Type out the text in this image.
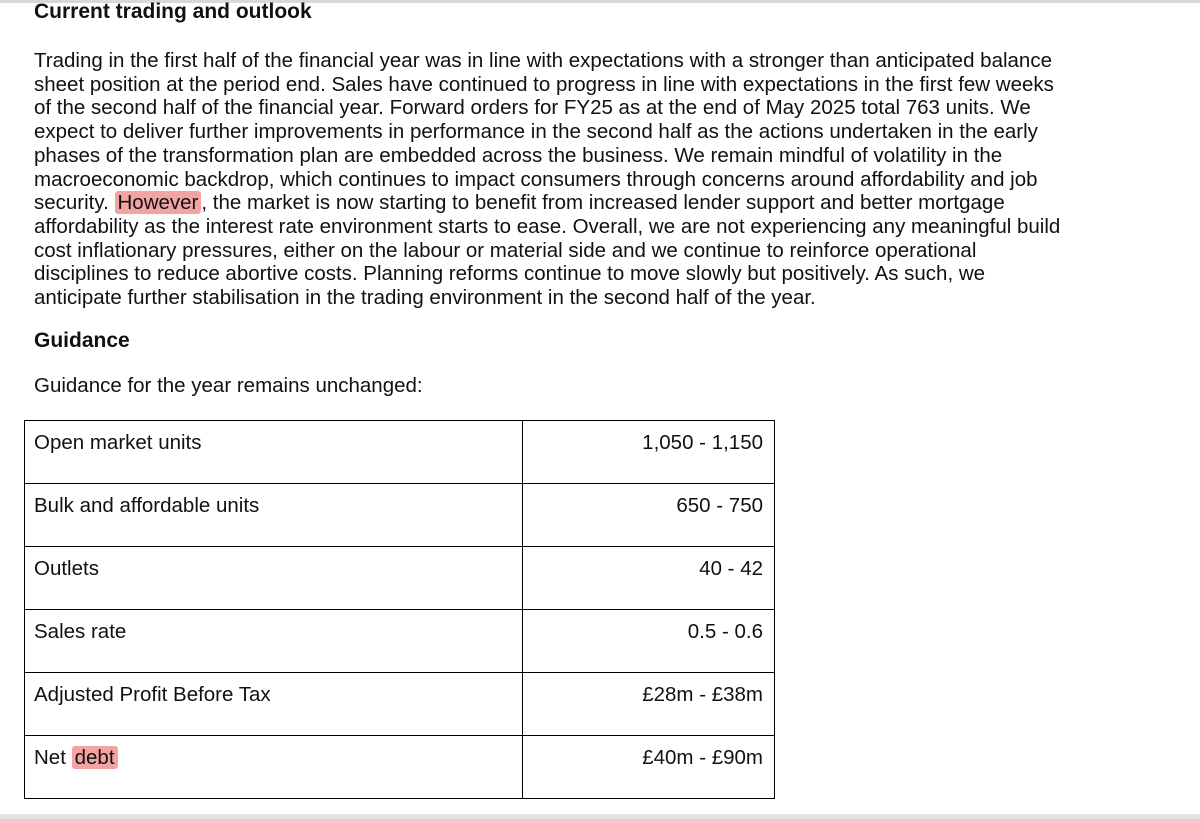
Current trading and outlook

Trading in the first half of the financial year was in line with expectations with a stronger than anticipated balance
sheet position at the period end. Sales have continued to progress in line with expectations in the first few weeks
of the second half of the financial year. Forward orders for FY25 as at the end of May 2025 total 763 units. We
expect to deliver further improvements in performance in the second half as the actions undertaken in the early
phases of the transformation plan are embedded across the business. We remain mindful of volatility in the
macroeconomic backdrop, which continues to impact consumers through concerns around affordability and job
security. However , the market is now starting to benefit from increased lender support and better mortgage
affordability as the interest rate environment starts to ease. Overall, we are not experiencing any meaningful build
cost inflationary pressures, either on the labour or material side and we continue to reinforce operational
disciplines to reduce abortive costs. Planning reforms continue to move slowly but positively. As such, we
anticipate further stabilisation in the trading environment in the second half of the year.

Guidance

Guidance for the year remains unchanged:

Open market units	1,050 - 1,150
Bulk and affordable units	650 - 750
Outlets	40 - 42
Sales rate	0.5 - 0.6
Adjusted Profit Before Tax	£28m - £38m
Net debt	£40m - £90m
